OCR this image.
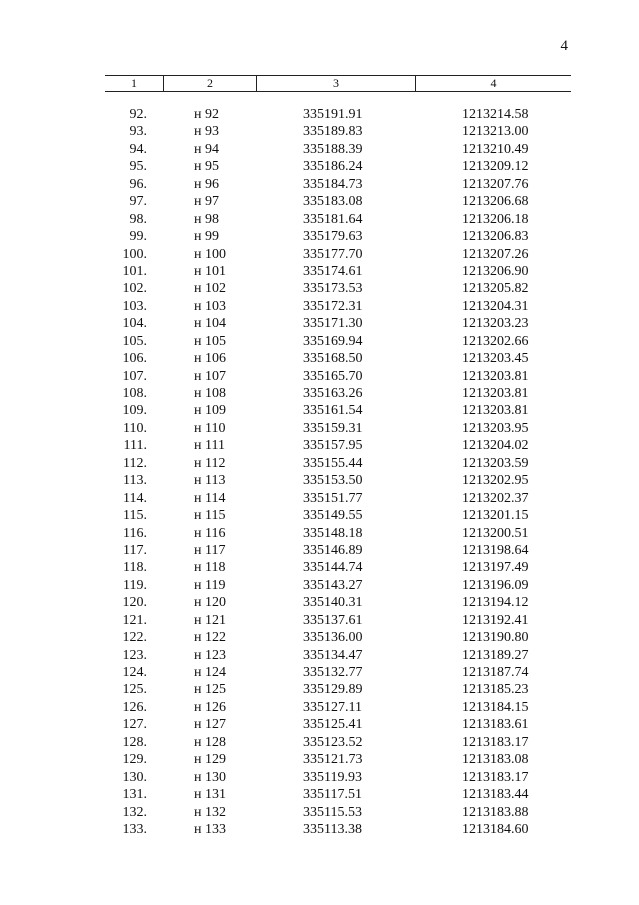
4
1	2	3	4
92.	н 92	335191.91	1213214.58
93.	н 93	335189.83	1213213.00
94.	н 94	335188.39	1213210.49
95.	н 95	335186.24	1213209.12
96.	н 96	335184.73	1213207.76
97.	н 97	335183.08	1213206.68
98.	н 98	335181.64	1213206.18
99.	н 99	335179.63	1213206.83
100.	н 100	335177.70	1213207.26
101.	н 101	335174.61	1213206.90
102.	н 102	335173.53	1213205.82
103.	н 103	335172.31	1213204.31
104.	н 104	335171.30	1213203.23
105.	н 105	335169.94	1213202.66
106.	н 106	335168.50	1213203.45
107.	н 107	335165.70	1213203.81
108.	н 108	335163.26	1213203.81
109.	н 109	335161.54	1213203.81
110.	н 110	335159.31	1213203.95
111.	н 111	335157.95	1213204.02
112.	н 112	335155.44	1213203.59
113.	н 113	335153.50	1213202.95
114.	н 114	335151.77	1213202.37
115.	н 115	335149.55	1213201.15
116.	н 116	335148.18	1213200.51
117.	н 117	335146.89	1213198.64
118.	н 118	335144.74	1213197.49
119.	н 119	335143.27	1213196.09
120.	н 120	335140.31	1213194.12
121.	н 121	335137.61	1213192.41
122.	н 122	335136.00	1213190.80
123.	н 123	335134.47	1213189.27
124.	н 124	335132.77	1213187.74
125.	н 125	335129.89	1213185.23
126.	н 126	335127.11	1213184.15
127.	н 127	335125.41	1213183.61
128.	н 128	335123.52	1213183.17
129.	н 129	335121.73	1213183.08
130.	н 130	335119.93	1213183.17
131.	н 131	335117.51	1213183.44
132.	н 132	335115.53	1213183.88
133.	н 133	335113.38	1213184.60
